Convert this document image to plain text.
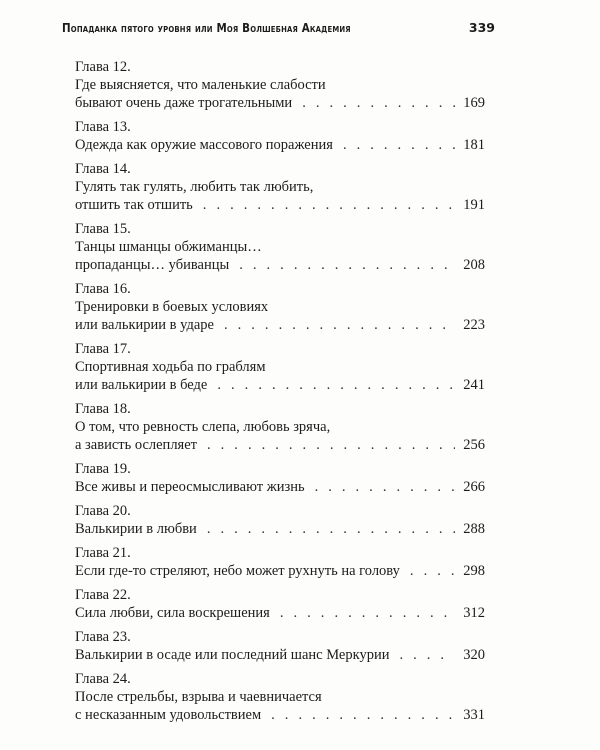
Попаданка пятого уровня или Моя Волшебная Академия	339
Глава 12.
Где выясняется, что маленькие слабости
бывают очень даже трогательными . . .	169
Глава 13.
Одежда как оружие массового поражения . . .	181
Глава 14.
Гулять так гулять, любить так любить,
отшить так отшить . . .	191
Глава 15.
Танцы шманцы обжиманцы…
пропаданцы… убиванцы . . .	208
Глава 16.
Тренировки в боевых условиях
или валькирии в ударе . . .	223
Глава 17.
Спортивная ходьба по граблям
или валькирии в беде . . .	241
Глава 18.
О том, что ревность слепа, любовь зряча,
а зависть ослепляет . . .	256
Глава 19.
Все живы и переосмысливают жизнь . . .	266
Глава 20.
Валькирии в любви . . .	288
Глава 21.
Если где-то стреляют, небо может рухнуть на голову . . .	298
Глава 22.
Сила любви, сила воскрешения . . .	312
Глава 23.
Валькирии в осаде или последний шанс Меркурии . . .	320
Глава 24.
После стрельбы, взрыва и чаевничается
с несказанным удовольствием . . .	331
